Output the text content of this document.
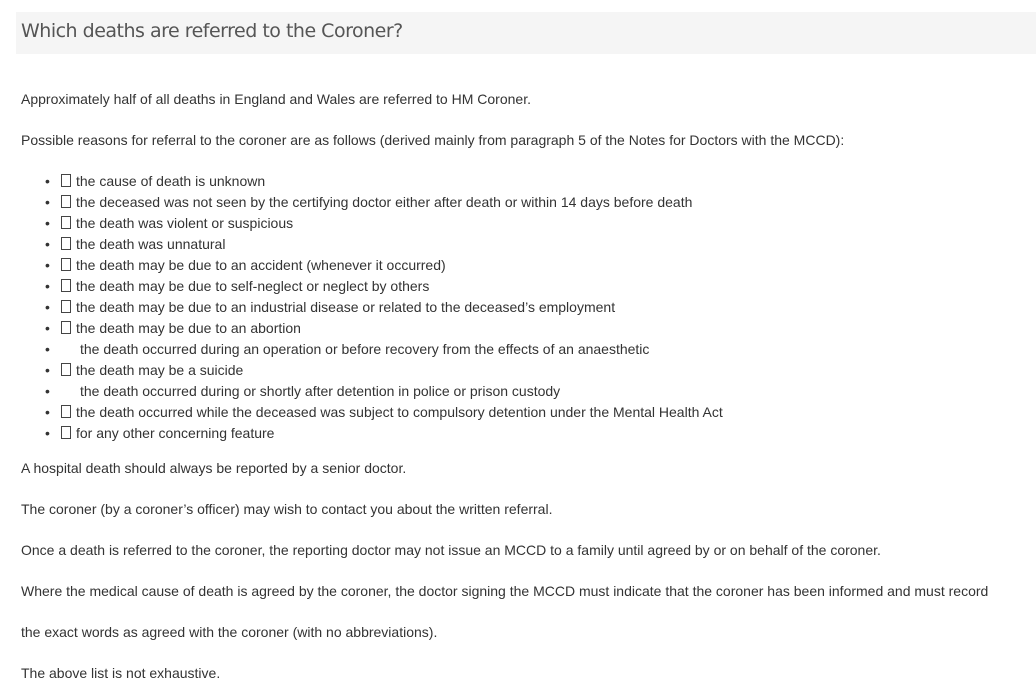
Which deaths are referred to the Coroner?

Approximately half of all deaths in England and Wales are referred to HM Coroner.

Possible reasons for referral to the coroner are as follows (derived mainly from paragraph 5 of the Notes for Doctors with the MCCD):

• the cause of death is unknown
• the deceased was not seen by the certifying doctor either after death or within 14 days before death
• the death was violent or suspicious
• the death was unnatural
• the death may be due to an accident (whenever it occurred)
• the death may be due to self-neglect or neglect by others
• the death may be due to an industrial disease or related to the deceased’s employment
• the death may be due to an abortion
• the death occurred during an operation or before recovery from the effects of an anaesthetic
• the death may be a suicide
• the death occurred during or shortly after detention in police or prison custody
• the death occurred while the deceased was subject to compulsory detention under the Mental Health Act
• for any other concerning feature

A hospital death should always be reported by a senior doctor.

The coroner (by a coroner’s officer) may wish to contact you about the written referral.

Once a death is referred to the coroner, the reporting doctor may not issue an MCCD to a family until agreed by or on behalf of the coroner.

Where the medical cause of death is agreed by the coroner, the doctor signing the MCCD must indicate that the coroner has been informed and must record

the exact words as agreed with the coroner (with no abbreviations).

The above list is not exhaustive.
